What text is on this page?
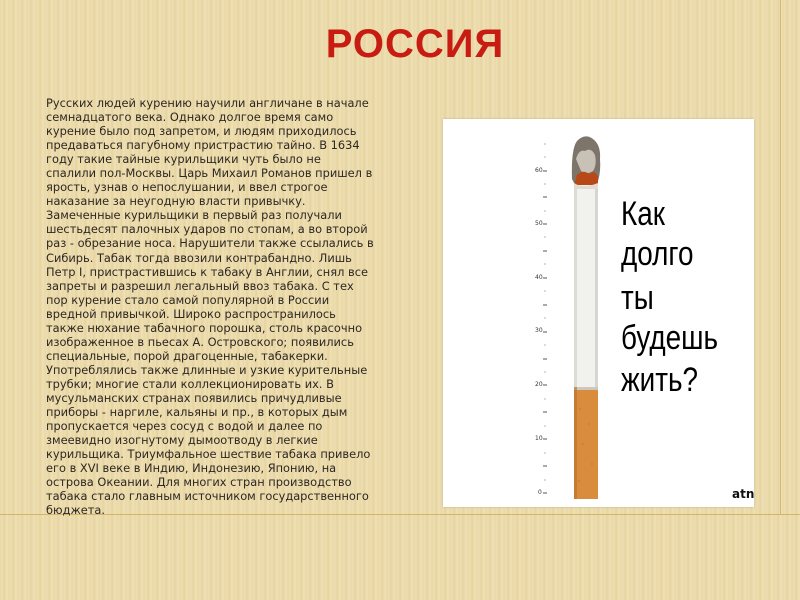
РОССИЯ
Русских людей курению научили англичане в начале семнадцатого века. Однако долгое время само курение было под запретом, и людям приходилось предаваться пагубному пристрастию тайно. В 1634 году такие тайные курильщики чуть было не спалили пол-Москвы. Царь Михаил Романов пришел в ярость, узнав о непослушании, и ввел строгое наказание за неугодную власти привычку. Замеченные курильщики в первый раз получали шестьдесят палочных ударов по стопам, а во второй раз - обрезание носа. Нарушители также ссылались в Сибирь. Табак тогда ввозили контрабандно. Лишь Петр I, пристрастившись к табаку в Англии, снял все запреты и разрешил легальный ввоз табака. С тех пор курение стало самой популярной в России вредной привычкой. Широко распространилось также нюхание табачного порошка, столь красочно изображенное в пьесах А. Островского; появились специальные, порой драгоценные, табакерки. Употреблялись также длинные и узкие курительные трубки; многие стали коллекционировать их. В мусульманских странах появились причудливые приборы - наргиле, кальяны и пр., в которых дым пропускается через сосуд с водой и далее по змеевидно изогнутому дымоотводу в легкие курильщика. Триумфальное шествие табака привело его в XVI веке в Индию, Индонезию, Японию, на острова Океании. Для многих стран производство табака стало главным источником государственного бюджета.
60
50
40
30
20
10
0
Как
долго
ты
будешь
жить?
atn
